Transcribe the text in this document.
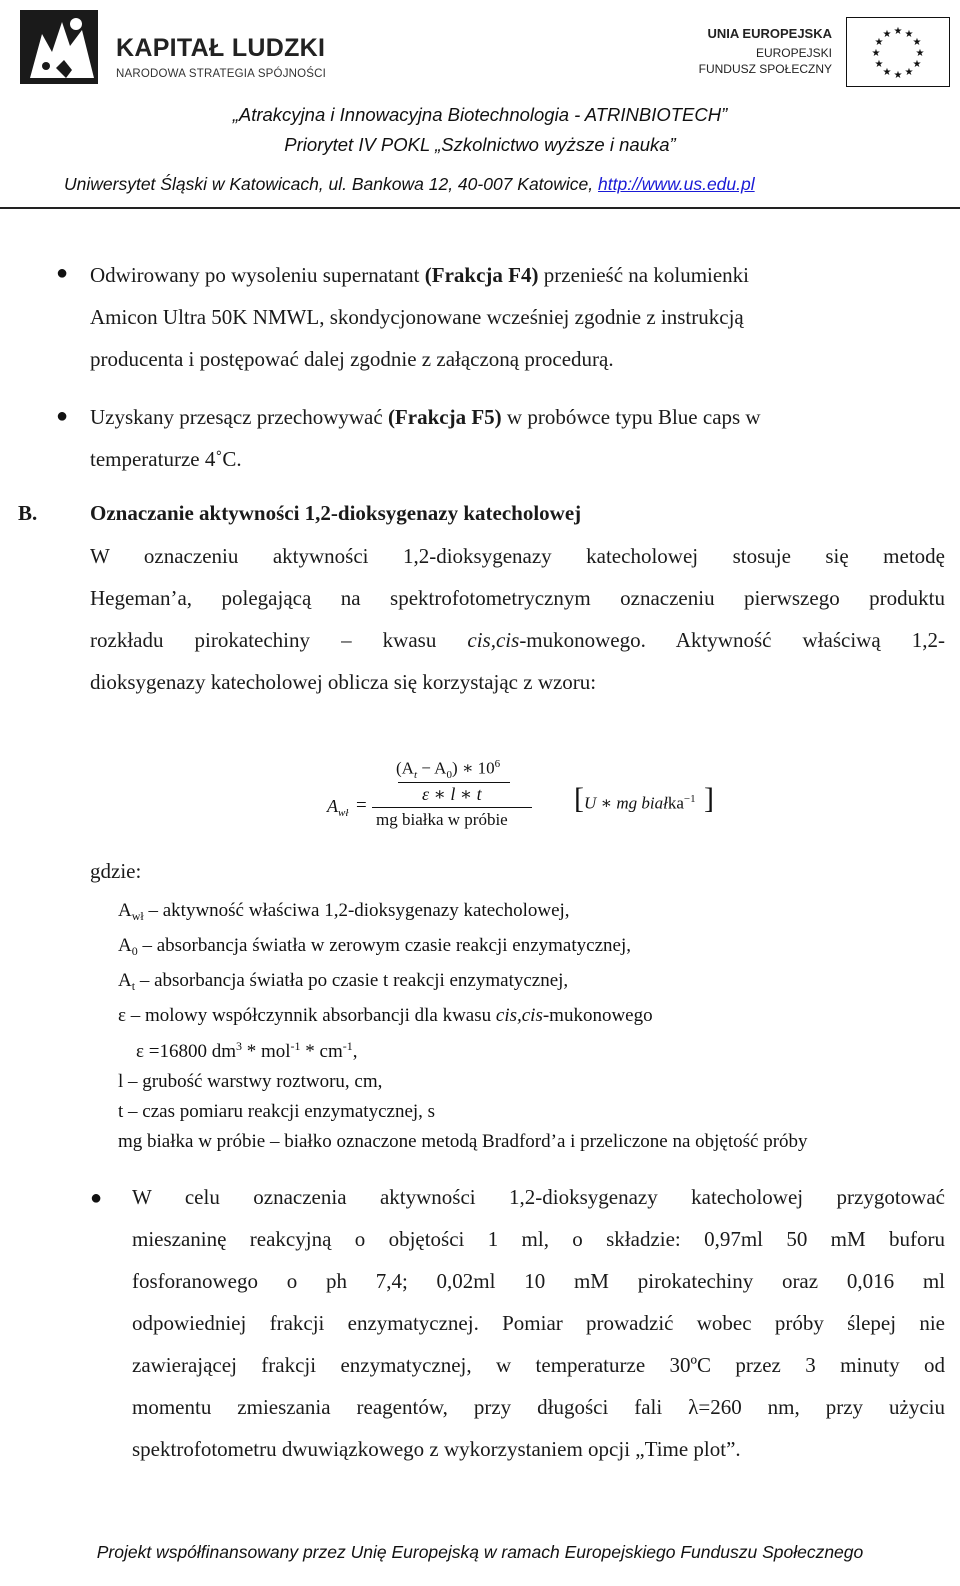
KAPITAŁ LUDZKI
NARODOWA STRATEGIA SPÓJNOŚCI
UNIA EUROPEJSKA
EUROPEJSKI
FUNDUSZ SPOŁECZNY
★ ★
★
★
★
★
★
★
★
★
★
★
„Atrakcyjna i Innowacyjna Biotechnologia - ATRINBIOTECH”
Priorytet IV POKL „Szkolnictwo wyższe i nauka”
Uniwersytet Śląski w Katowicach, ul. Bankowa 12, 40-007 Katowice, http://www.us.edu.pl
● Odwirowany po wysoleniu supernatant (Frakcja F4) przenieść na kolumienki
Amicon Ultra 50K NMWL, skondycjonowane wcześniej zgodnie z instrukcją
producenta i postępować dalej zgodnie z załączoną procedurą.
● Uzyskany przesącz przechowywać (Frakcja F5) w probówce typu Blue caps w
temperaturze 4˚C.
B.	Oznaczanie aktywności 1,2-dioksygenazy katecholowej
W oznaczeniu aktywności 1,2-dioksygenazy katecholowej stosuje się metodę
Hegeman’a, polegającą na spektrofotometrycznym oznaczeniu pierwszego produktu
rozkładu pirokatechiny – kwasu cis,cis-mukonowego. Aktywność właściwą 1,2-
dioksygenazy katecholowej oblicza się korzystając z wzoru:
$A_{wł}$ =
$(A_t - A_0)$ ∗ $10^6$
ε ∗ l ∗ t
mg białka w próbie
[ U ∗ mg białka$^{-1}$ ]
gdzie:
$A_{wł}$ – aktywność właściwa 1,2-dioksygenazy katecholowej,
$A_0$ – absorbancja światła w zerowym czasie reakcji enzymatycznej,
$A_t$ – absorbancja światła po czasie t reakcji enzymatycznej,
ε – molowy współczynnik absorbancji dla kwasu cis,cis-mukonowego
ε =16800 $dm^3 * mol^{-1} * cm^{-1}$,
l – grubość warstwy roztworu, cm,
t – czas pomiaru reakcji enzymatycznej, s
mg białka w próbie – białko oznaczone metodą Bradford’a i przeliczone na objętość próby
● W celu oznaczenia aktywności 1,2-dioksygenazy katecholowej przygotować
mieszaninę reakcyjną o objętości 1 ml, o składzie: 0,97ml 50 mM buforu
fosforanowego o ph 7,4; 0,02ml 10 mM pirokatechiny oraz 0,016 ml
odpowiedniej frakcji enzymatycznej. Pomiar prowadzić wobec próby ślepej nie
zawierającej frakcji enzymatycznej, w temperaturze 30ºC przez 3 minuty od
momentu zmieszania reagentów, przy długości fali λ=260 nm, przy użyciu
spektrofotometru dwuwiązkowego z wykorzystaniem opcji „Time plot”.
Projekt współfinansowany przez Unię Europejską w ramach Europejskiego Funduszu Społecznego
